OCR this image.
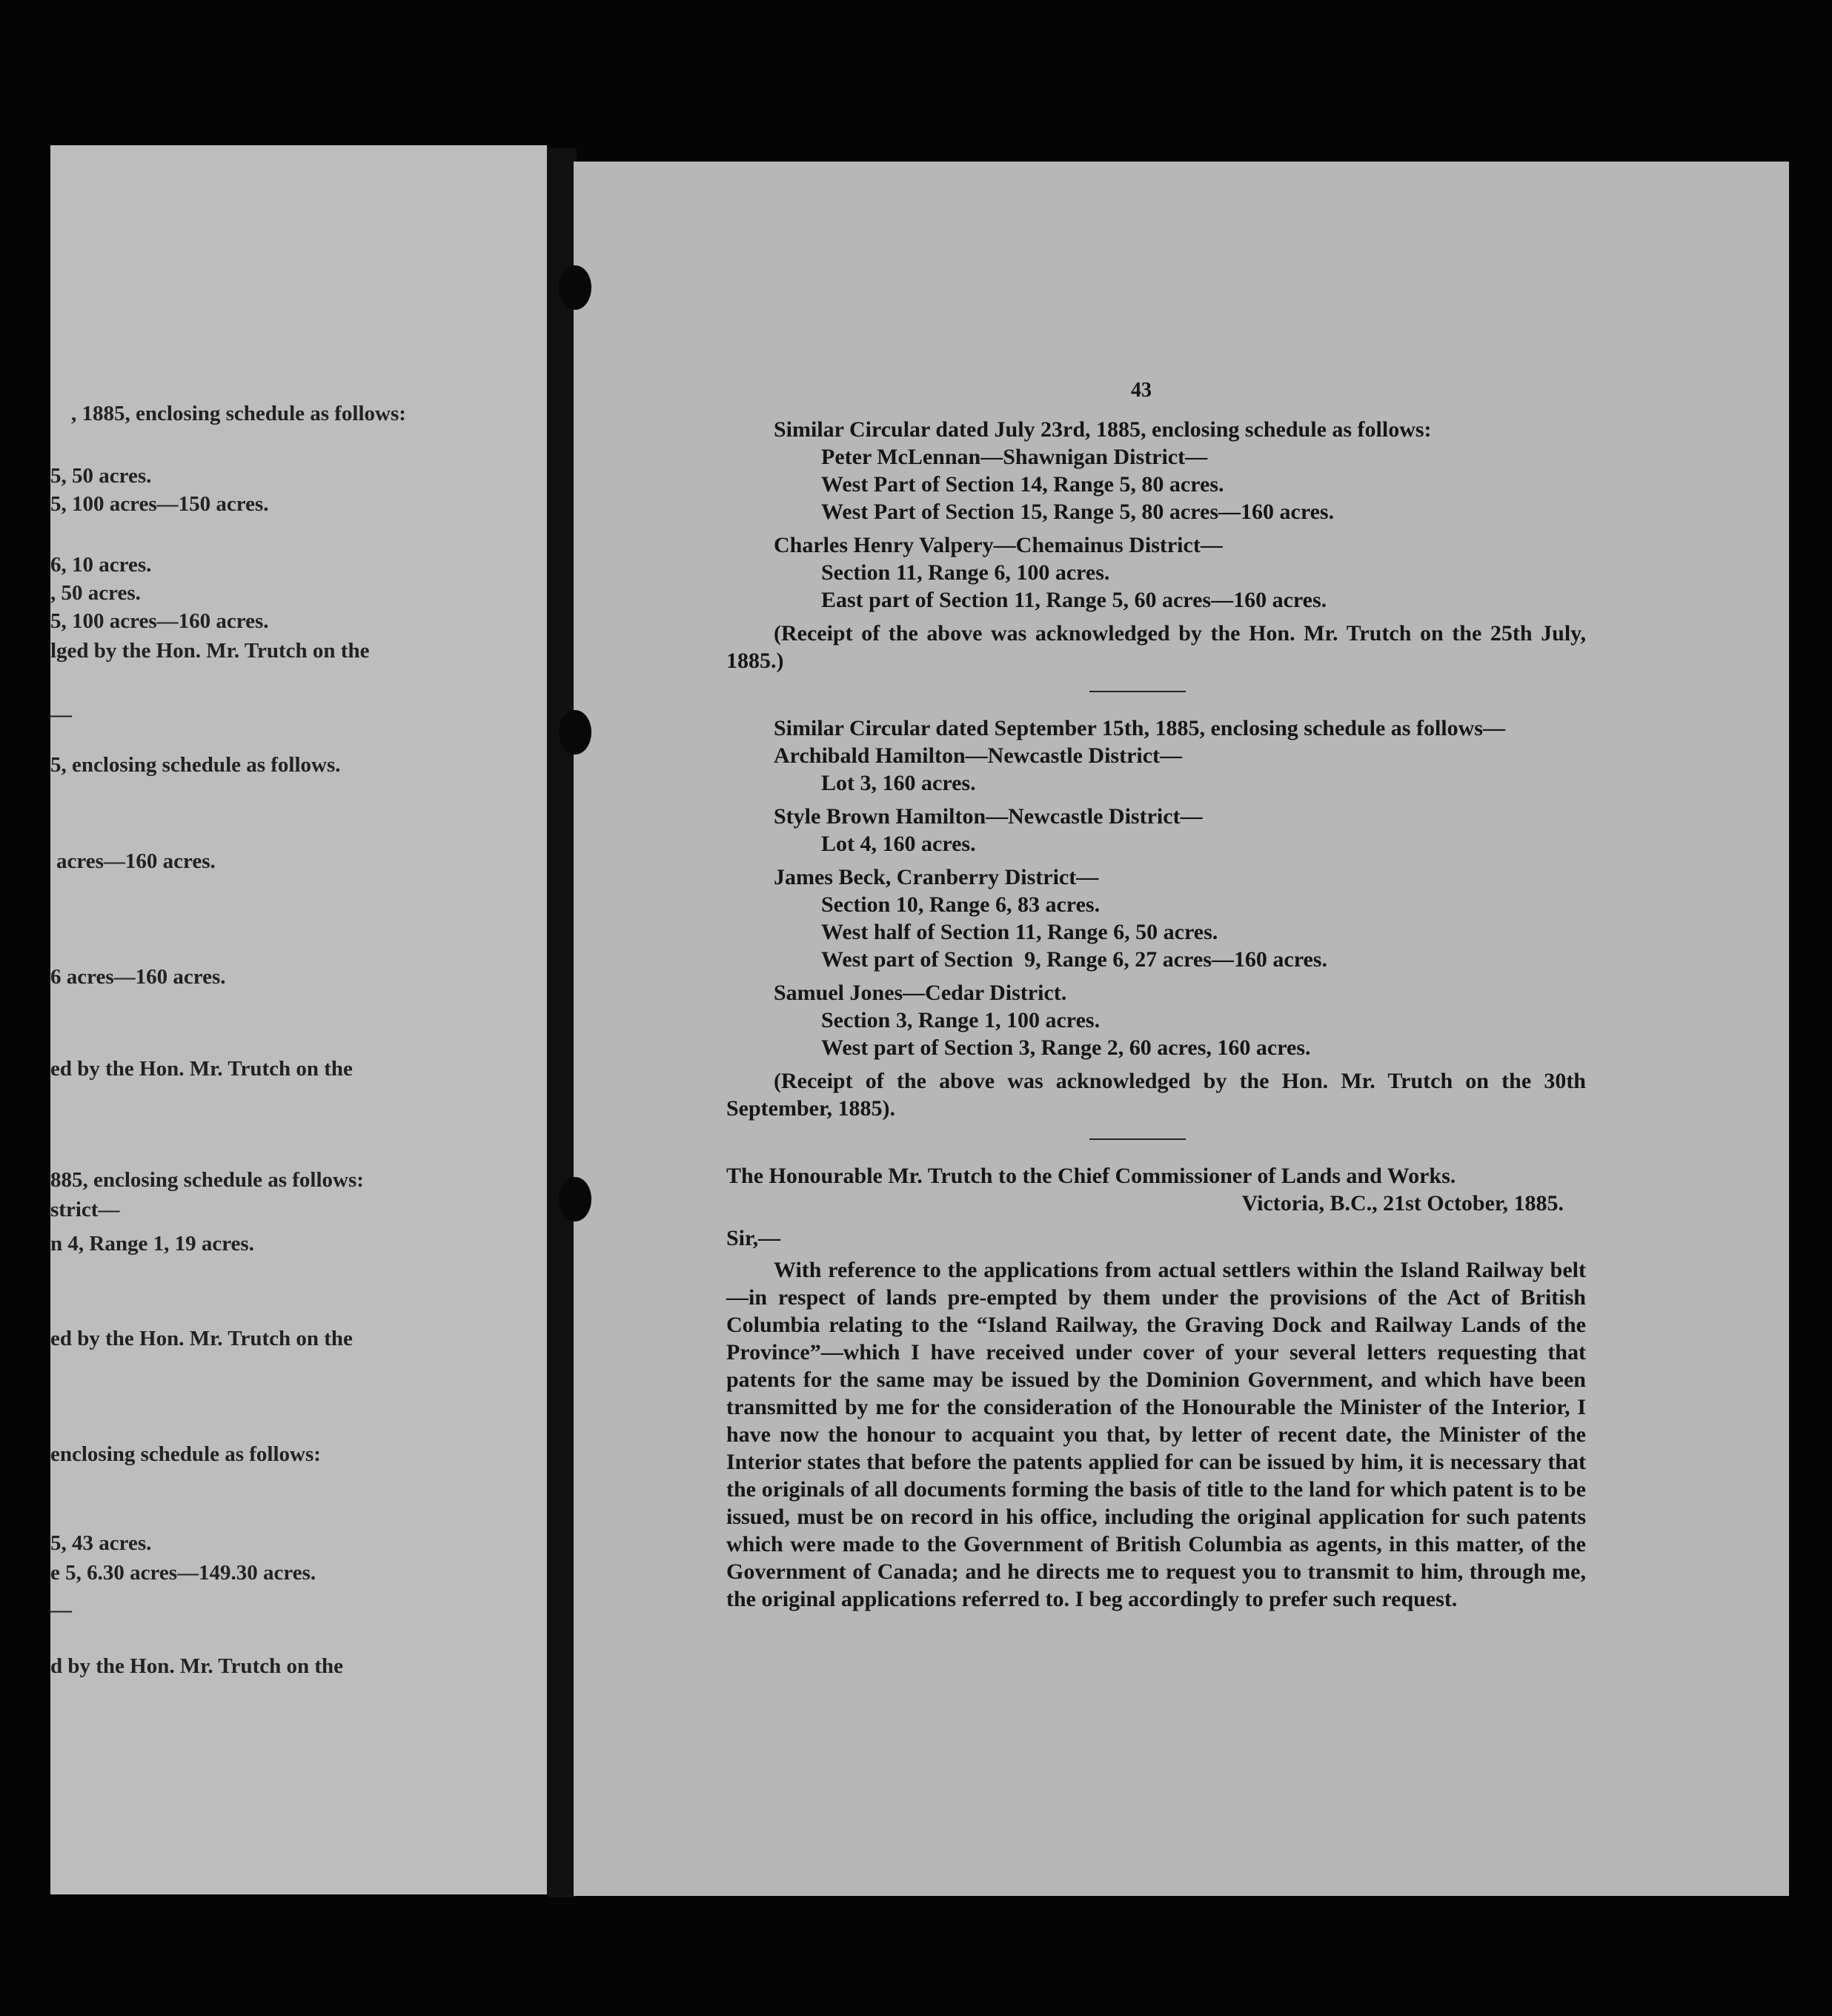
, 1885, enclosing schedule as follows:
5, 50 acres.
5, 100 acres—150 acres.
6, 10 acres.
, 50 acres.
5, 100 acres—160 acres.
lged by the Hon. Mr. Trutch on the
—
5, enclosing schedule as follows.
acres—160 acres.
6 acres—160 acres.
ed by the Hon. Mr. Trutch on the
885, enclosing schedule as follows:
strict—
n 4, Range 1, 19 acres.
ed by the Hon. Mr. Trutch on the
enclosing schedule as follows:
5, 43 acres.
e 5, 6.30 acres—149.30 acres.
—
d by the Hon. Mr. Trutch on the
43
Similar Circular dated July 23rd, 1885, enclosing schedule as follows:
Peter McLennan—Shawnigan District—
West Part of Section 14, Range 5, 80 acres.
West Part of Section 15, Range 5, 80 acres—160 acres.
Charles Henry Valpery—Chemainus District—
Section 11, Range 6, 100 acres.
East part of Section 11, Range 5, 60 acres—160 acres.

(Receipt of the above was acknowledged by the Hon. Mr. Trutch on the 25th July, 1885.)

Similar Circular dated September 15th, 1885, enclosing schedule as follows—
Archibald Hamilton—Newcastle District—
Lot 3, 160 acres.
Style Brown Hamilton—Newcastle District—
Lot 4, 160 acres.
James Beck, Cranberry District—
Section 10, Range 6, 83 acres.
West half of Section 11, Range 6, 50 acres.
West part of Section  9, Range 6, 27 acres—160 acres.
Samuel Jones—Cedar District.
Section 3, Range 1, 100 acres.
West part of Section 3, Range 2, 60 acres, 160 acres.

(Receipt of the above was acknowledged by the Hon. Mr. Trutch on the 30th September, 1885).

The Honourable Mr. Trutch to the Chief Commissioner of Lands and Works.
Victoria, B.C., 21st October, 1885.
Sir,—

With reference to the applications from actual settlers within the Island Railway belt—in respect of lands pre-empted by them under the provisions of the Act of British Columbia relating to the “Island Railway, the Graving Dock and Railway Lands of the Province”—which I have received under cover of your several letters requesting that patents for the same may be issued by the Dominion Government, and which have been transmitted by me for the consideration of the Honourable the Minister of the Interior, I have now the honour to acquaint you that, by letter of recent date, the Minister of the Interior states that before the patents applied for can be issued by him, it is necessary that the originals of all documents forming the basis of title to the land for which patent is to be issued, must be on record in his office, including the original application for such patents which were made to the Government of British Columbia as agents, in this matter, of the Government of Canada; and he directs me to request you to transmit to him, through me, the original applications referred to. I beg accordingly to prefer such request.
